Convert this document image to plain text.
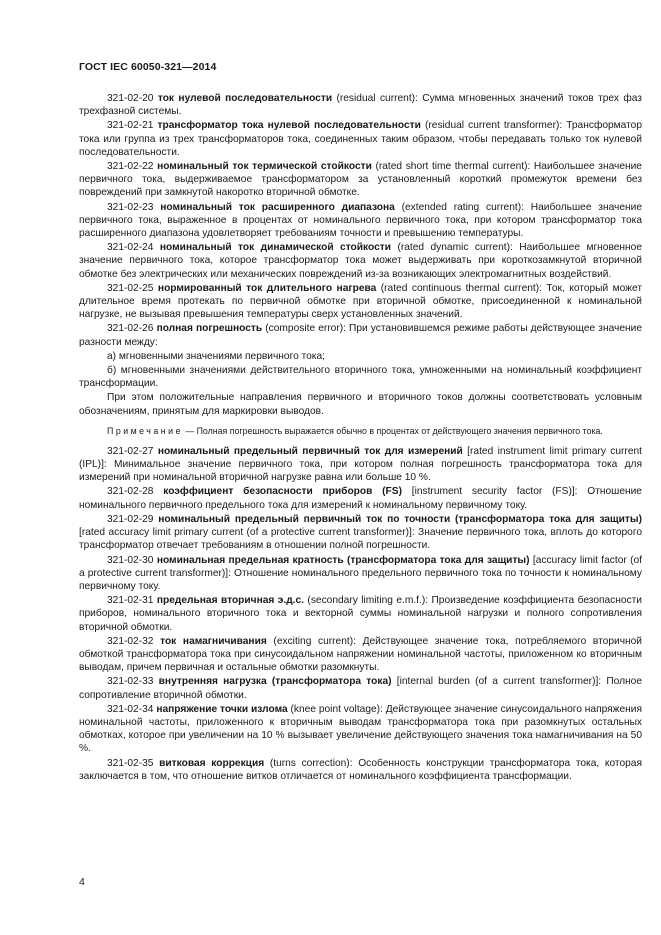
ГОСТ IEC 60050-321—2014

321-02-20 ток нулевой последовательности (residual current): Сумма мгновенных значений токов трех фаз трехфазной системы.

321-02-21 трансформатор тока нулевой последовательности (residual current transformer): Трансформатор тока или группа из трех трансформаторов тока, соединенных таким образом, чтобы передавать только ток нулевой последовательности.

321-02-22 номинальный ток термической стойкости (rated short time thermal current): Наибольшее значение первичного тока, выдерживаемое трансформатором за установленный короткий промежуток времени без повреждений при замкнутой накоротко вторичной обмотке.

321-02-23 номинальный ток расширенного диапазона (extended rating current): Наибольшее значение первичного тока, выраженное в процентах от номинального первичного тока, при котором трансформатор тока расширенного диапазона удовлетворяет требованиям точности и превышению температуры.

321-02-24 номинальный ток динамической стойкости (rated dynamic current): Наибольшее мгновенное значение первичного тока, которое трансформатор тока может выдерживать при короткозамкнутой вторичной обмотке без электрических или механических повреждений из-за возникающих электромагнитных воздействий.

321-02-25 нормированный ток длительного нагрева (rated continuous thermal current): Ток, который может длительное время протекать по первичной обмотке при вторичной обмотке, присоединенной к номинальной нагрузке, не вызывая превышения температуры сверх установленных значений.

321-02-26 полная погрешность (composite error): При установившемся режиме работы действующее значение разности между:

а) мгновенными значениями первичного тока;

б) мгновенными значениями действительного вторичного тока, умноженными на номинальный коэффициент трансформации.

При этом положительные направления первичного и вторичного токов должны соответствовать условным обозначениям, принятым для маркировки выводов.

Примечание — Полная погрешность выражается обычно в процентах от действующего значения первичного тока.

321-02-27 номинальный предельный первичный ток для измерений [rated instrument limit primary current (IPL)]: Минимальное значение первичного тока, при котором полная погрешность трансформатора тока для измерений при номинальной вторичной нагрузке равна или больше 10 %.

321-02-28 коэффициент безопасности приборов (FS) [instrument security factor (FS)]: Отношение номинального первичного предельного тока для измерений к номинальному первичному току.

321-02-29 номинальный предельный первичный ток по точности (трансформатора тока для защиты) [rated accuracy limit primary current (of a protective current transformer)]: Значение первичного тока, вплоть до которого трансформатор отвечает требованиям в отношении полной погрешности.

321-02-30 номинальная предельная кратность (трансформатора тока для защиты) [accuracy limit factor (of a protective current transformer)]: Отношение номинального предельного первичного тока по точности к номинальному первичному току.

321-02-31 предельная вторичная э.д.с. (secondary limiting e.m.f.): Произведение коэффициента безопасности приборов, номинального вторичного тока и векторной суммы номинальной нагрузки и полного сопротивления вторичной обмотки.

321-02-32 ток намагничивания (exciting current): Действующее значение тока, потребляемого вторичной обмоткой трансформатора тока при синусоидальном напряжении номинальной частоты, приложенном ко вторичным выводам, причем первичная и остальные обмотки разомкнуты.

321-02-33 внутренняя нагрузка (трансформатора тока) [internal burden (of a current transformer)]: Полное сопротивление вторичной обмотки.

321-02-34 напряжение точки излома (knee point voltage): Действующее значение синусоидального напряжения номинальной частоты, приложенного к вторичным выводам трансформатора тока при разомкнутых остальных обмотках, которое при увеличении на 10 % вызывает увеличение действующего значения тока намагничивания на 50 %.

321-02-35 витковая коррекция (turns correction): Особенность конструкции трансформатора тока, которая заключается в том, что отношение витков отличается от номинального коэффициента трансформации.

4
